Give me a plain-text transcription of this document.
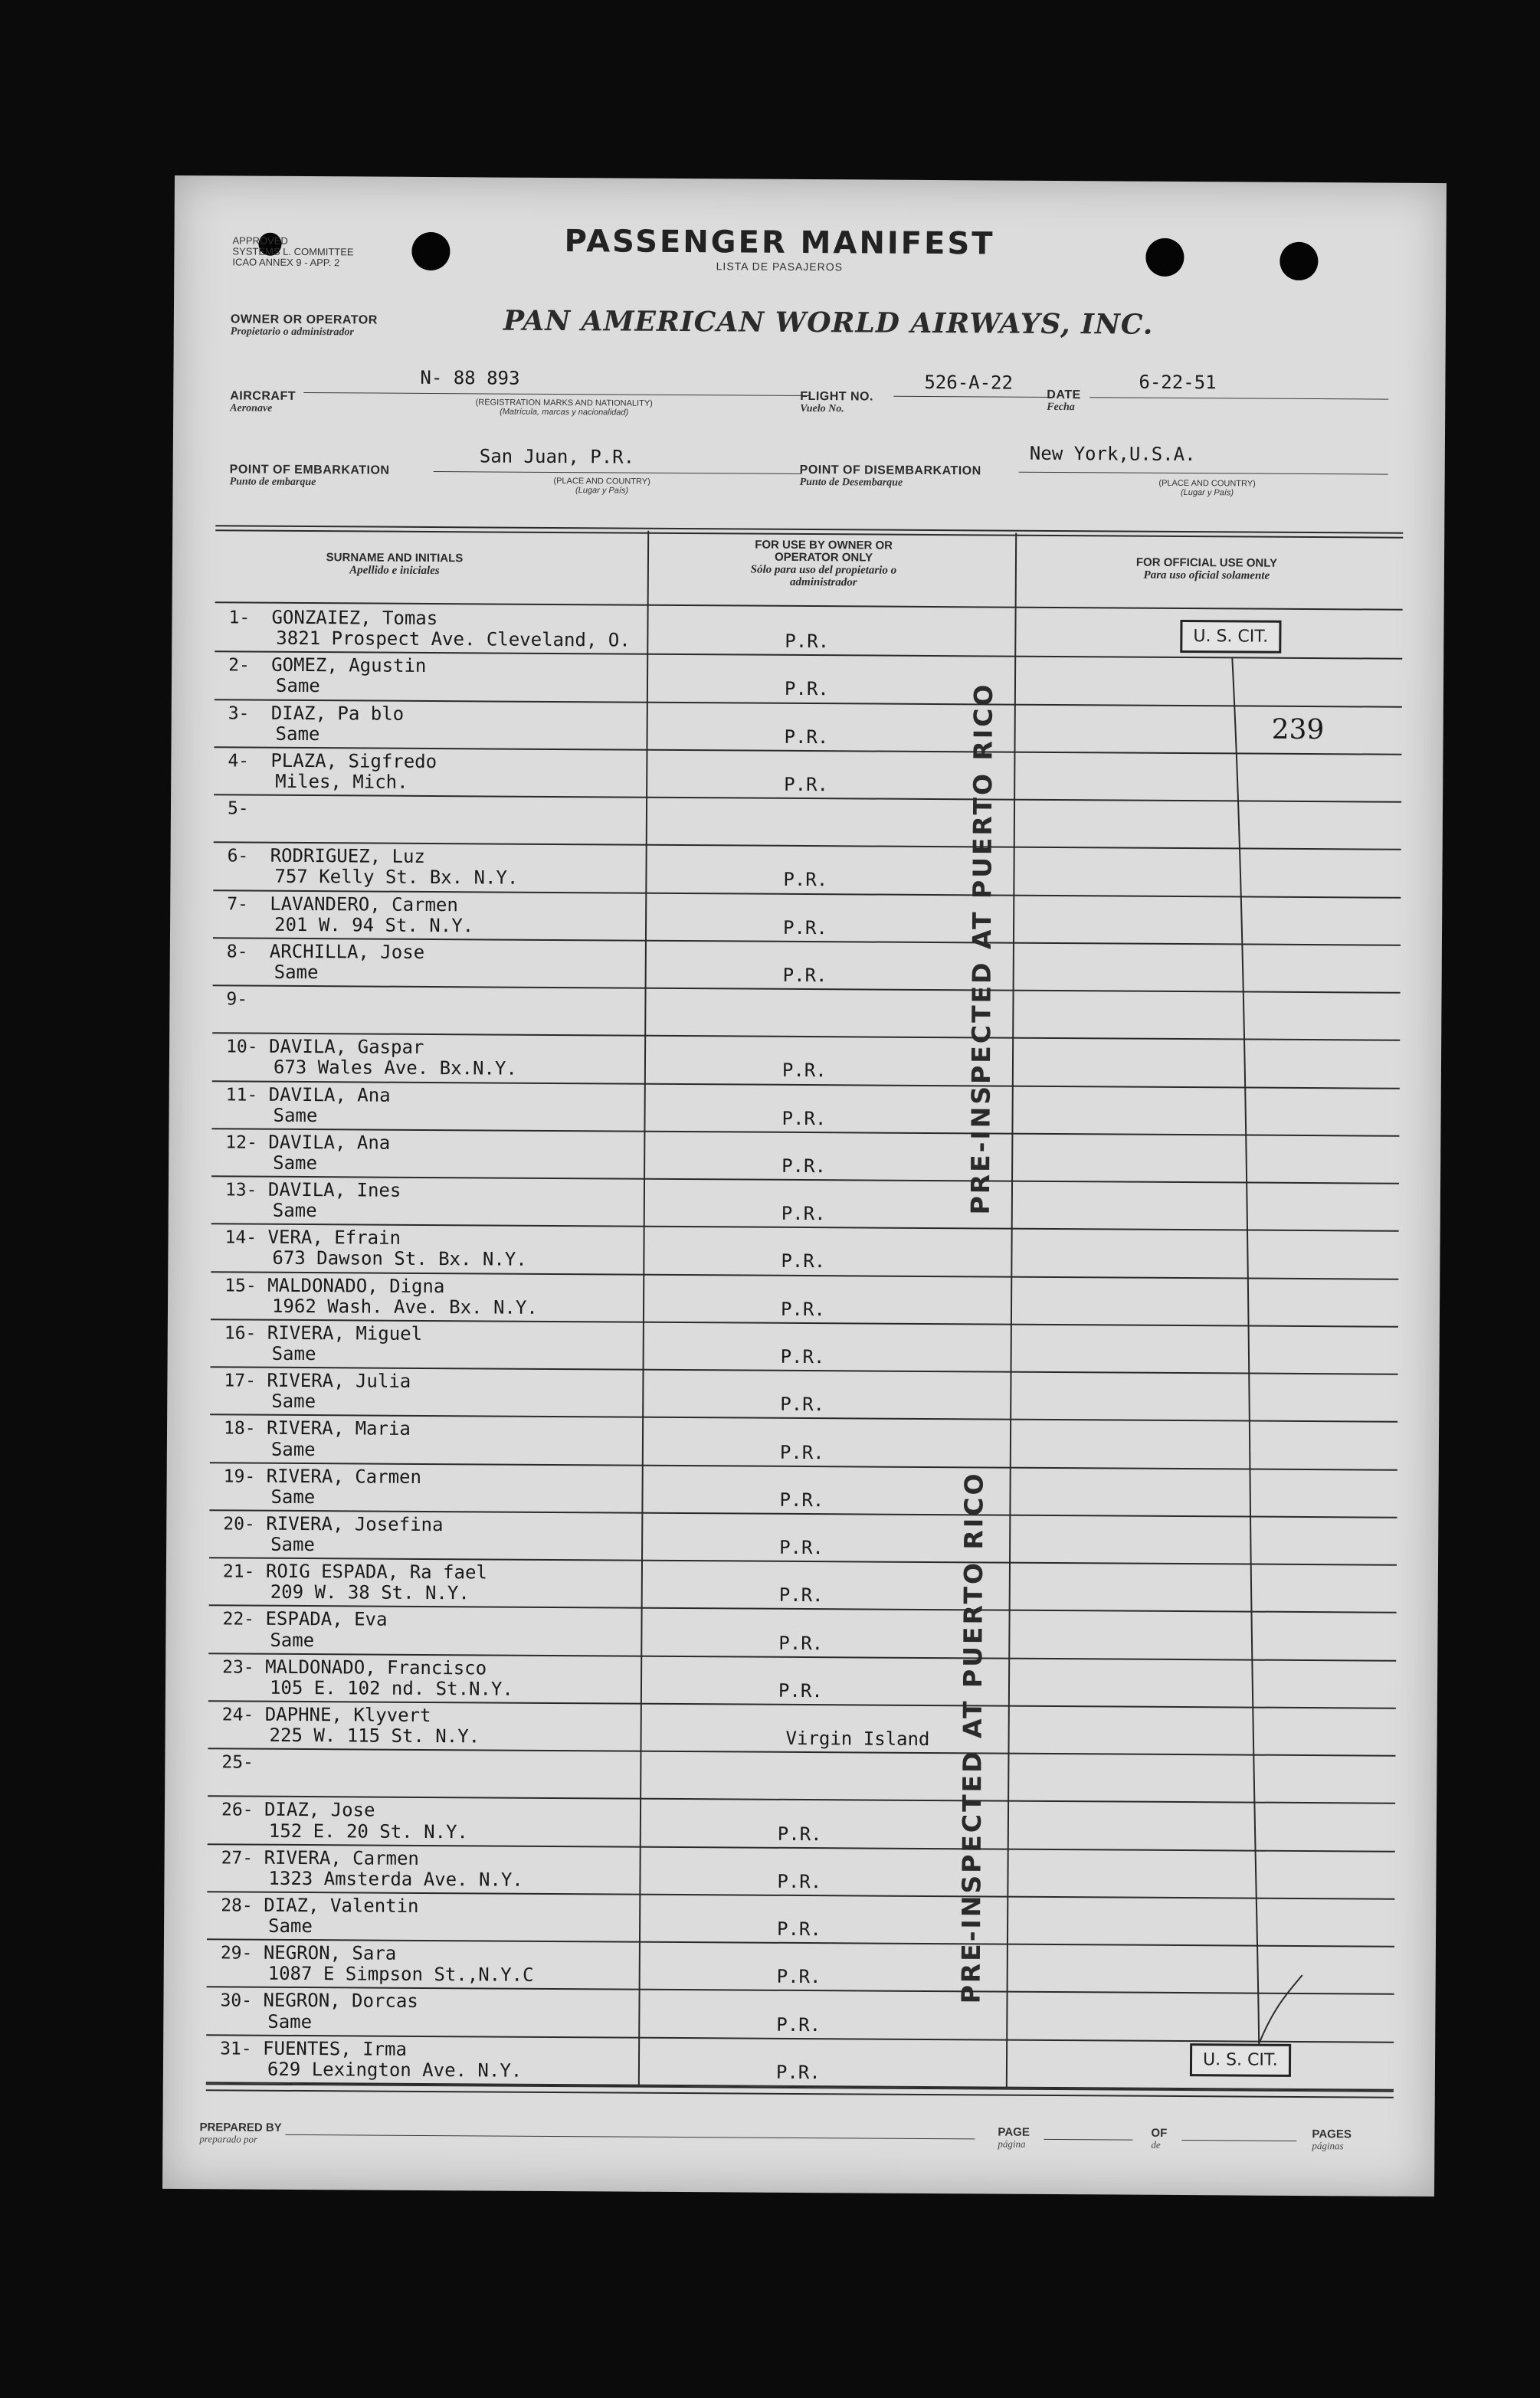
APPROVED
SYSTEMS L. COMMITTEE
ICAO ANNEX 9 - APP. 2
PASSENGER MANIFEST
LISTA DE PASAJEROS
OWNER OR OPERATOR
Propietario o administrador	PAN AMERICAN WORLD AIRWAYS, INC.
AIRCRAFT
Aeronave
N- 88 893
(REGISTRATION MARKS AND NATIONALITY)
(Matrícula, marcas y nacionalidad)
FLIGHT NO.
Vuelo No.
526-A-22
DATE
Fecha
6-22-51
POINT OF EMBARKATION
Punto de embarque
San Juan, P.R.
(PLACE AND COUNTRY)
(Lugar y País)
POINT OF DISEMBARKATION
Punto de Desembarque
New York,U.S.A.
(PLACE AND COUNTRY)
(Lugar y País)
SURNAME AND INITIALS
Apellido e iniciales
FOR USE BY OWNER OR OPERATOR ONLY
Sólo para uso del propietario o administrador
FOR OFFICIAL USE ONLY
Para uso oficial solamente
1- GONZAIEZ, Tomas
3821 Prospect Ave. Cleveland, O.	P.R.
2- GOMEZ, Agustin
Same	P.R.
3- DIAZ, Pa blo
Same	P.R.
4- PLAZA, Sigfredo
Miles, Mich.	P.R.
5-
6- RODRIGUEZ, Luz
757 Kelly St. Bx. N.Y.	P.R.
7- LAVANDERO, Carmen
201 W. 94 St. N.Y.	P.R.
8- ARCHILLA, Jose
Same	P.R.
9-
10- DAVILA, Gaspar
673 Wales Ave. Bx.N.Y.	P.R.
11- DAVILA, Ana
Same	P.R.
12- DAVILA, Ana
Same	P.R.
13- DAVILA, Ines
Same	P.R.
14- VERA, Efrain
673 Dawson St. Bx. N.Y.	P.R.
15- MALDONADO, Digna
1962 Wash. Ave. Bx. N.Y.	P.R.
16- RIVERA, Miguel
Same	P.R.
17- RIVERA, Julia
Same	P.R.
18- RIVERA, Maria
Same	P.R.
19- RIVERA, Carmen
Same	P.R.
20- RIVERA, Josefina
Same	P.R.
21- ROIG ESPADA, Ra fael
209 W. 38 St. N.Y.	P.R.
22- ESPADA, Eva
Same	P.R.
23- MALDONADO, Francisco
105 E. 102 nd. St.N.Y.	P.R.
24- DAPHNE, Klyvert
225 W. 115 St. N.Y.	Virgin Island
25-
26- DIAZ, Jose
152 E. 20 St. N.Y.	P.R.
27- RIVERA, Carmen
1323 Amsterda Ave. N.Y.	P.R.
28- DIAZ, Valentin
Same	P.R.
29- NEGRON, Sara
1087 E Simpson St.,N.Y.C	P.R.
30- NEGRON, Dorcas
Same	P.R.
31- FUENTES, Irma
629 Lexington Ave. N.Y.	P.R.
U. S. CIT.
U. S. CIT.
239
PRE-INSPECTED AT PUERTO RICO
PRE-INSPECTED AT PUERTO RICO
PREPARED BY
preparado por
PAGE
página
OF
de
PAGES
páginas
